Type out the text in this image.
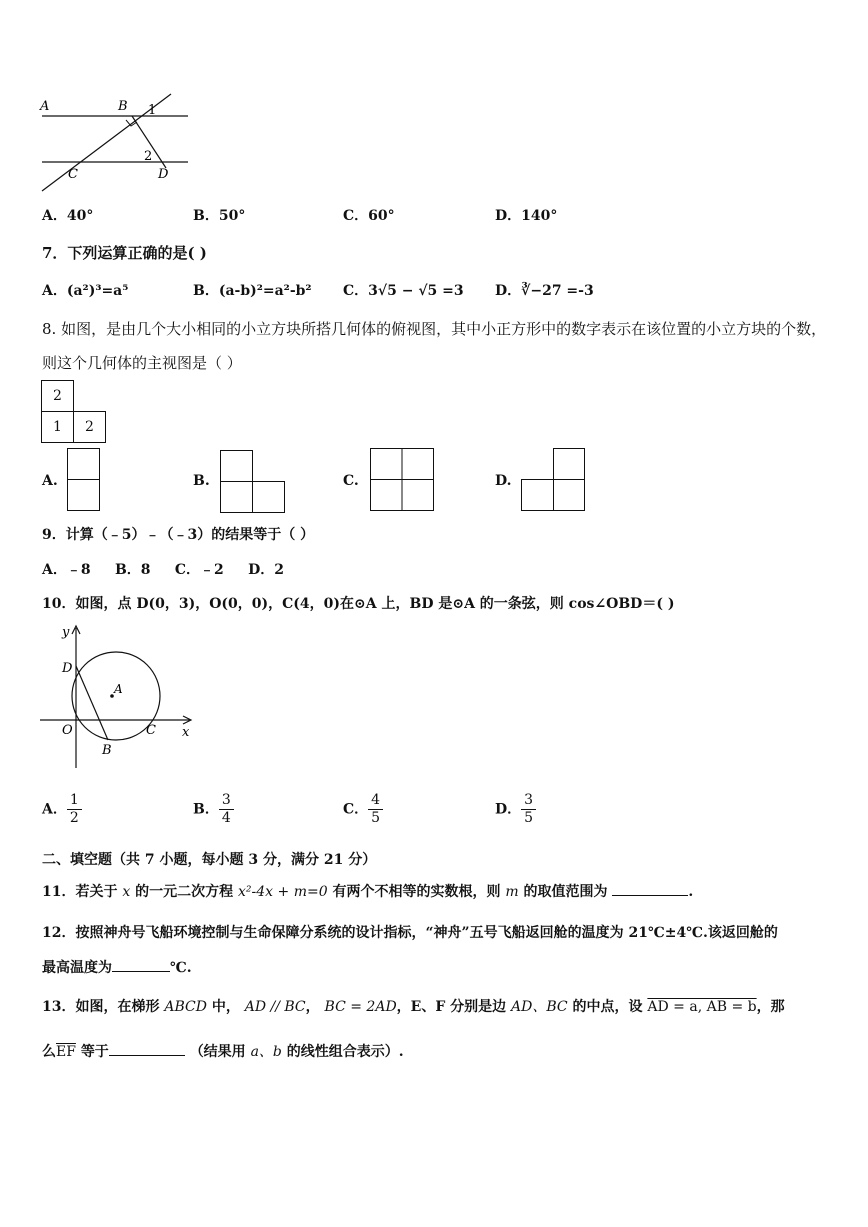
A	B 1
2
C	D
A．40°	B．50°	C．60°	D．140°
7．下列运算正确的是( )
A．(a²)³=a⁵	B．(a-b)²=a²-b² C．3√5 − √5 =3 D．∛−27 =-3
8. 如图，是由几个大小相同的小立方块所搭几何体的俯视图，其中小正方形中的数字表示在该位置的小立方块的个数，
则这个几何体的主视图是（ ）
2
1	2
A.	B.	C.	D.
9．计算（﹣5）﹣（﹣3）的结果等于（ ）
A．﹣8     B．8     C．﹣2     D．2
10．如图，点 D(0，3)，O(0，0)，C(4，0)在⊙A 上，BD 是⊙A 的一条弦，则 cos∠OBD＝( )
y
x
D
A
O
B
C
A． $\frac{1}{2}$	B． $\frac{3}{4}$	C． $\frac{4}{5}$	D． $\frac{3}{5}$
二、填空题（共 7 小题，每小题 3 分，满分 21 分）
11．若关于 x 的一元二次方程 x²-4x + m=0 有两个不相等的实数根，则 m 的取值范围为	.
12．按照神舟号飞船环境控制与生命保障分系统的设计指标，“神舟”五号飞船返回舱的温度为 21℃±4℃.该返回舱的
最高温度为	℃.
13．如图，在梯形 ABCD 中， AD // BC， BC = 2AD，E、F 分别是边 AD、BC 的中点，设 AD = a, AB = b，那
么$\overline{EF}$ 等于	（结果用 a、b 的线性组合表示）.
